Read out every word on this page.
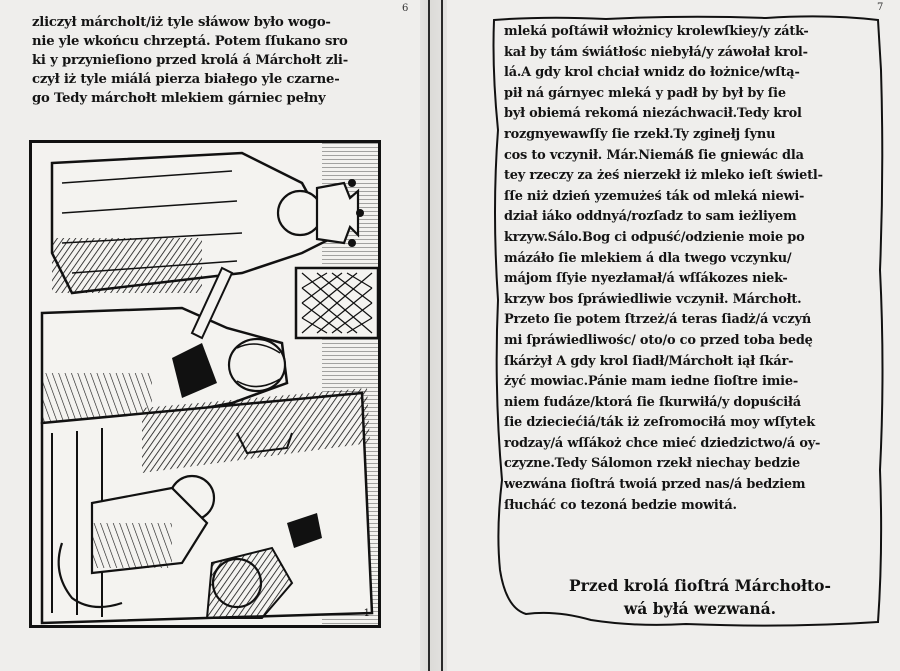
6	7
zliczył márcholt/iż tyle słáwow było wogo-
nie yle wkońcu chrzeptá. Potem ſſukano sro
ki y przynieſiono przed krolá á Márchołt zli-
czył iż tyle miálá pierza białego yle czarne-
go Tedy márchołt mlekiem gárniec pełny
1
mleká poſtáwił włożnicy krolewſkiey/y zátk-
kał by tám świátłośc niebyłá/y záwołał krol-
lá.A gdy krol chciał wnidz do łożnice/wſtą-
pił ná gárnyec mleká y padł by był by ſie
był obiemá rekomá niezáchwacił.Tedy krol
rozgnyewawſſy ſie rzekł.Ty zginełj ſynu
cos to vczynił. Már.Niemáß ſie gniewác dla
tey rzeczy za żeś nierzekł iż mleko ieſt świetl-
ſſe niż dzień yzemużeś ták od mleká niewi-
dział iáko oddnyá/rozſadz to sam ieżliyem
krzyw.Sálo.Bog ci odpuść/odzienie moie po
mázáło ſie mlekiem á dla twego vczynku/
májom ſſyie nyezłamał/á wſſákozes niek-
krzyw bos ſpráwiedliwie vczynił. Márchołt.
Przeto ſie potem ſtrzeż/á teras ſiadż/á vczyń
mi ſpráwiedliwośc/ oto/o co przed toba bedę
ſkárżył A gdy krol ſiadł/Márchołt iął ſkár-
żyć mowiac.Pánie mam iedne ſioſtre imie-
niem fudáze/ktorá ſie ſkurwiłá/y dopuściłá
ſie dzieciećiá/ták iż zeſromociłá moy wſſytek
rodzay/á wſſákoż chce mieć dziedzictwo/á oy-
czyzne.Tedy Sálomon rzekł niechay bedzie
wezwána ſioſtrá twoiá przed nas/á bedziem
ſłucháć co tezoná bedzie mowitá.
Przed krolá ſioſtrá Márchołto-
wá byłá wezwaná.
